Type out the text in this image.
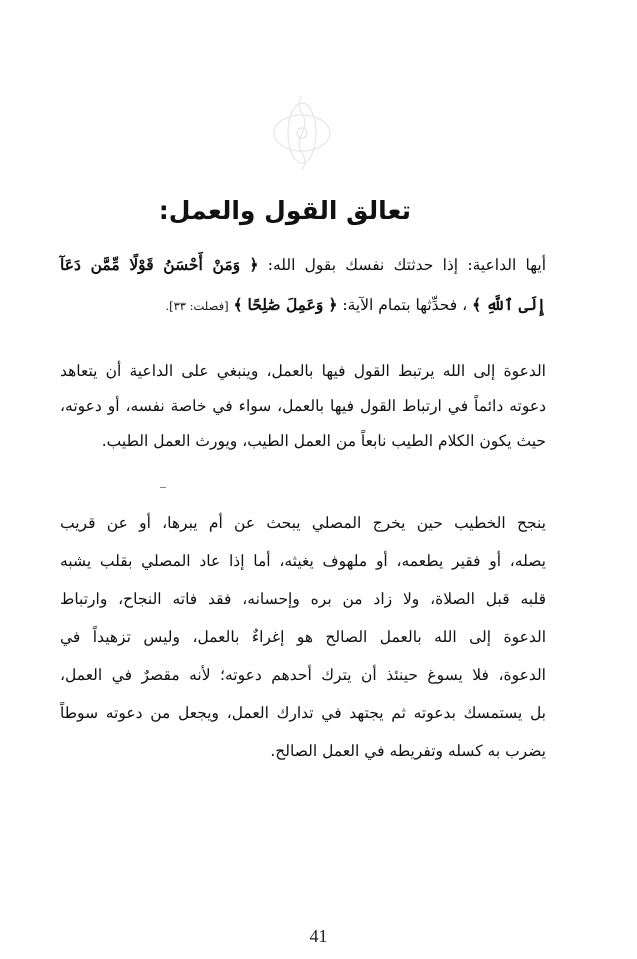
تعالق القول والعمل:
أيها الداعية: إذا حدثتك نفسك بقول الله: ﴿ وَمَنْ أَحْسَنُ قَوْلًا مِّمَّن دَعَآ
إِلَى ٱللَّهِ ﴾ ، فحدِّثها بتمام الآية: ﴿ وَعَمِلَ صَٰلِحًا ﴾ [فصلت: ٣٣].
الدعوة إلى الله يرتبط القول فيها بالعمل، وينبغي على الداعية أن يتعاهد
دعوته دائماً في ارتباط القول فيها بالعمل، سواء في خاصة نفسه، أو دعوته،
حيث يكون الكلام الطيب نابعاً من العمل الطيب، ويورث العمل الطيب.
ينجح الخطيب حين يخرج المصلي يبحث عن أم يبرها، أو عن قريب
يصله، أو فقير يطعمه، أو ملهوف يغيثه، أما إذا عاد المصلي بقلب يشبه
قلبه قبل الصلاة، ولا زاد من بره وإحسانه، فقد فاته النجاح، وارتباط
الدعوة إلى الله بالعمل الصالح هو إغراءٌ بالعمل، وليس تزهيداً في
الدعوة، فلا يسوغ حينئذ أن يترك أحدهم دعوته؛ لأنه مقصرٌ في العمل،
بل يستمسك بدعوته ثم يجتهد في تدارك العمل، ويجعل من دعوته سوطاً
يضرب به كسله وتفريطه في العمل الصالح.
41
